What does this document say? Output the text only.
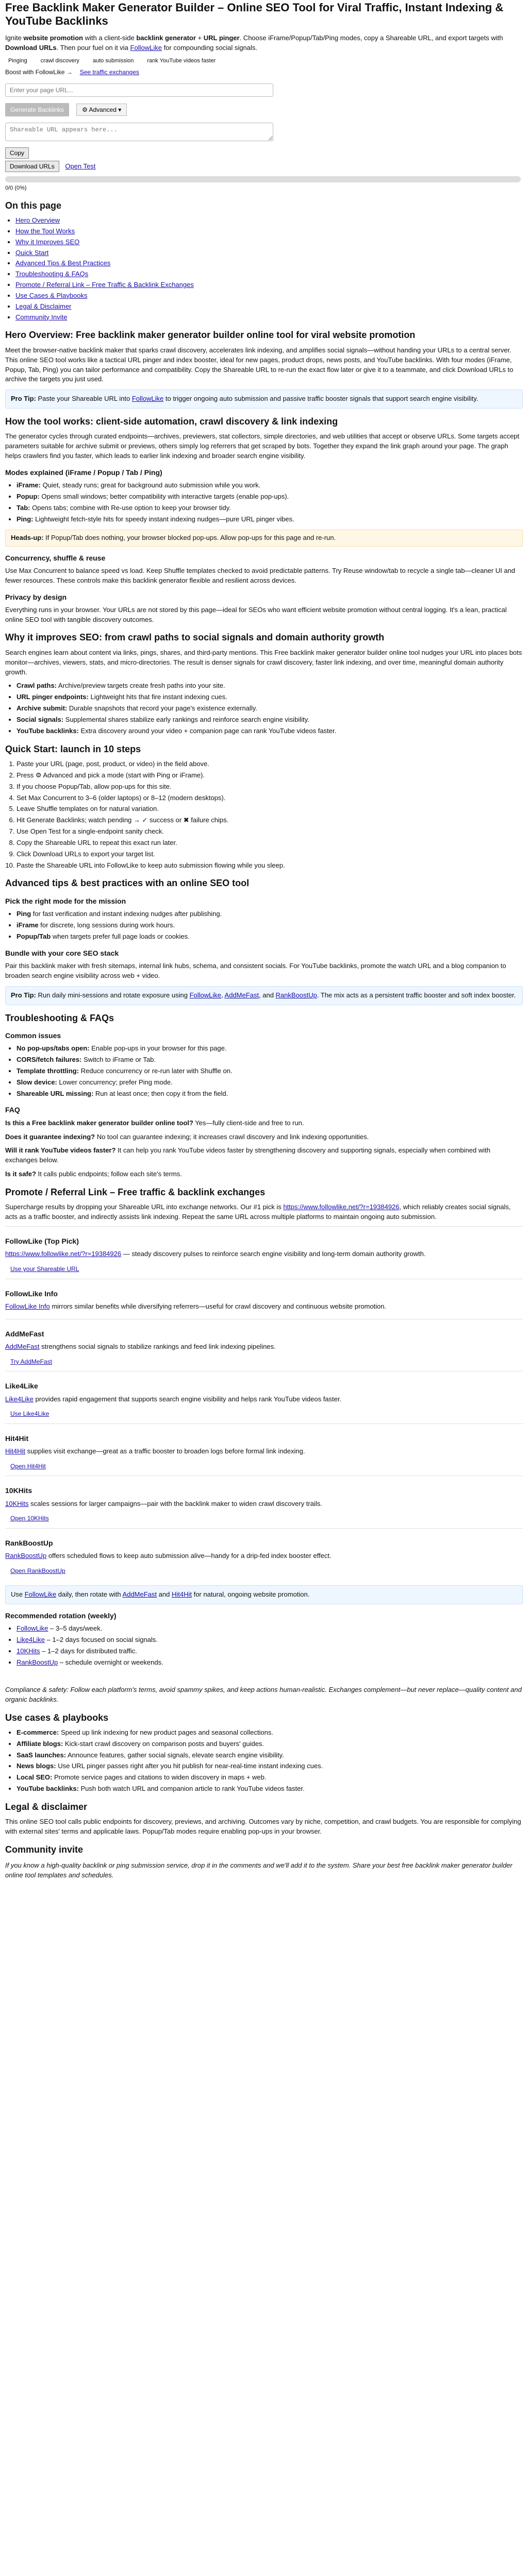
Free Backlink Maker Generator Builder – Online SEO Tool for Viral Traffic, Instant Indexing & YouTube Backlinks

Ignite website promotion with a client-side backlink generator + URL pinger. Choose iFrame/Popup/Tab/Ping modes, copy a Shareable URL, and export targets with Download URLs. Then pour fuel on it via FollowLike for compounding social signals.

Pinging	crawl discovery	auto submission	rank YouTube videos faster
Boost with FollowLike → See traffic exchanges
Enter your page URL...
Generate Backlinks	⚙ Advanced ▾
Shareable URL appears here...
Copy
Download URLs Open Test
0/0 (0%)
On this page
• Hero Overview
• How the Tool Works
• Why it Improves SEO
• Quick Start
• Advanced Tips & Best Practices
• Troubleshooting & FAQs
• Promote / Referral Link – Free Traffic & Backlink Exchanges
• Use Cases & Playbooks
• Legal & Disclaimer
• Community Invite
Hero Overview: Free backlink maker generator builder online tool for viral website promotion

Meet the browser-native backlink maker that sparks crawl discovery, accelerates link indexing, and amplifies social signals—without handing your URLs to a central server. This online SEO tool works like a tactical URL pinger and index booster, ideal for new pages, product drops, news posts, and YouTube backlinks. With four modes (iFrame, Popup, Tab, Ping) you can tailor performance and compatibility. Copy the Shareable URL to re-run the exact flow later or give it to a teammate, and click Download URLs to archive the targets you just used.

Pro Tip: Paste your Shareable URL into FollowLike to trigger ongoing auto submission and passive traffic booster signals that support search engine visibility.
How the tool works: client-side automation, crawl discovery & link indexing

The generator cycles through curated endpoints—archives, previewers, stat collectors, simple directories, and web utilities that accept or observe URLs. Some targets accept parameters suitable for archive submit or previews, others simply log referrers that get scraped by bots. Together they expand the link graph around your page. The graph helps crawlers find you faster, which leads to earlier link indexing and broader search engine visibility.

Modes explained (iFrame / Popup / Tab / Ping)
• iFrame: Quiet, steady runs; great for background auto submission while you work.
• Popup: Opens small windows; better compatibility with interactive targets (enable pop-ups).
• Tab: Opens tabs; combine with Re-use option to keep your browser tidy.
• Ping: Lightweight fetch-style hits for speedy instant indexing nudges—pure URL pinger vibes.
Heads-up: If Popup/Tab does nothing, your browser blocked pop-ups. Allow pop-ups for this page and re-run.
Concurrency, shuffle & reuse

Use Max Concurrent to balance speed vs load. Keep Shuffle templates checked to avoid predictable patterns. Try Reuse window/tab to recycle a single tab—cleaner UI and fewer resources. These controls make this backlink generator flexible and resilient across devices.

Privacy by design

Everything runs in your browser. Your URLs are not stored by this page—ideal for SEOs who want efficient website promotion without central logging. It's a lean, practical online SEO tool with tangible discovery outcomes.

Why it improves SEO: from crawl paths to social signals and domain authority growth

Search engines learn about content via links, pings, shares, and third-party mentions. This Free backlink maker generator builder online tool nudges your URL into places bots monitor—archives, viewers, stats, and micro-directories. The result is denser signals for crawl discovery, faster link indexing, and over time, meaningful domain authority growth.

• Crawl paths: Archive/preview targets create fresh paths into your site.
• URL pinger endpoints: Lightweight hits that fire instant indexing cues.
• Archive submit: Durable snapshots that record your page's existence externally.
• Social signals: Supplemental shares stabilize early rankings and reinforce search engine visibility.
• YouTube backlinks: Extra discovery around your video + companion page can rank YouTube videos faster.
Quick Start: launch in 10 steps
1. Paste your URL (page, post, product, or video) in the field above.
2. Press ⚙ Advanced and pick a mode (start with Ping or iFrame).
3. If you choose Popup/Tab, allow pop-ups for this site.
4. Set Max Concurrent to 3–6 (older laptops) or 8–12 (modern desktops).
5. Leave Shuffle templates on for natural variation.
6. Hit Generate Backlinks; watch pending → ✓ success or ✖ failure chips.
7. Use Open Test for a single-endpoint sanity check.
8. Copy the Shareable URL to repeat this exact run later.
9. Click Download URLs to export your target list.
10. Paste the Shareable URL into FollowLike to keep auto submission flowing while you sleep.
Advanced tips & best practices with an online SEO tool
Pick the right mode for the mission
• Ping for fast verification and instant indexing nudges after publishing.
• iFrame for discrete, long sessions during work hours.
• Popup/Tab when targets prefer full page loads or cookies.
Bundle with your core SEO stack

Pair this backlink maker with fresh sitemaps, internal link hubs, schema, and consistent socials. For YouTube backlinks, promote the watch URL and a blog companion to broaden search engine visibility across web + video.

Pro Tip: Run daily mini-sessions and rotate exposure using FollowLike, AddMeFast, and RankBoostUp. The mix acts as a persistent traffic booster and soft index booster.
Troubleshooting & FAQs
Common issues
• No pop-ups/tabs open: Enable pop-ups in your browser for this page.
• CORS/fetch failures: Switch to iFrame or Tab.
• Template throttling: Reduce concurrency or re-run later with Shuffle on.
• Slow device: Lower concurrency; prefer Ping mode.
• Shareable URL missing: Run at least once; then copy it from the field.
FAQ

Is this a Free backlink maker generator builder online tool? Yes—fully client-side and free to run.

Does it guarantee indexing? No tool can guarantee indexing; it increases crawl discovery and link indexing opportunities.

Will it rank YouTube videos faster? It can help you rank YouTube videos faster by strengthening discovery and supporting signals, especially when combined with exchanges below.

Is it safe? It calls public endpoints; follow each site's terms.

Promote / Referral Link – Free traffic & backlink exchanges

Supercharge results by dropping your Shareable URL into exchange networks. Our #1 pick is https://www.followlike.net/?r=19384926, which reliably creates social signals, acts as a traffic booster, and indirectly assists link indexing. Repeat the same URL across multiple platforms to maintain ongoing auto submission.

FollowLike (Top Pick)

https://www.followlike.net/?r=19384926 — steady discovery pulses to reinforce search engine visibility and long-term domain authority growth.

Use your Shareable URL
FollowLike Info

FollowLike Info mirrors similar benefits while diversifying referrers—useful for crawl discovery and continuous website promotion.

AddMeFast

AddMeFast strengthens social signals to stabilize rankings and feed link indexing pipelines.

Try AddMeFast
Like4Like

Like4Like provides rapid engagement that supports search engine visibility and helps rank YouTube videos faster.

Use Like4Like
Hit4Hit

Hit4Hit supplies visit exchange—great as a traffic booster to broaden logs before formal link indexing.

Open Hit4Hit
10KHits

10KHits scales sessions for larger campaigns—pair with the backlink maker to widen crawl discovery trails.

Open 10KHits
RankBoostUp

RankBoostUp offers scheduled flows to keep auto submission alive—handy for a drip-fed index booster effect.

Open RankBoostUp
Use FollowLike daily, then rotate with AddMeFast and Hit4Hit for natural, ongoing website promotion.
Recommended rotation (weekly)
• FollowLike – 3–5 days/week.
• Like4Like – 1–2 days focused on social signals.
• 10KHits – 1–2 days for distributed traffic.
• RankBoostUp – schedule overnight or weekends.

Compliance & safety: Follow each platform's terms, avoid spammy spikes, and keep actions human-realistic. Exchanges complement—but never replace—quality content and organic backlinks.

Use cases & playbooks
• E-commerce: Speed up link indexing for new product pages and seasonal collections.
• Affiliate blogs: Kick-start crawl discovery on comparison posts and buyers' guides.
• SaaS launches: Announce features, gather social signals, elevate search engine visibility.
• News blogs: Use URL pinger passes right after you hit publish for near-real-time instant indexing cues.
• Local SEO: Promote service pages and citations to widen discovery in maps + web.
• YouTube backlinks: Push both watch URL and companion article to rank YouTube videos faster.
Legal & disclaimer

This online SEO tool calls public endpoints for discovery, previews, and archiving. Outcomes vary by niche, competition, and crawl budgets. You are responsible for complying with external sites' terms and applicable laws. Popup/Tab modes require enabling pop-ups in your browser.

Community invite

If you know a high-quality backlink or ping submission service, drop it in the comments and we'll add it to the system. Share your best free backlink maker generator builder online tool templates and schedules.
